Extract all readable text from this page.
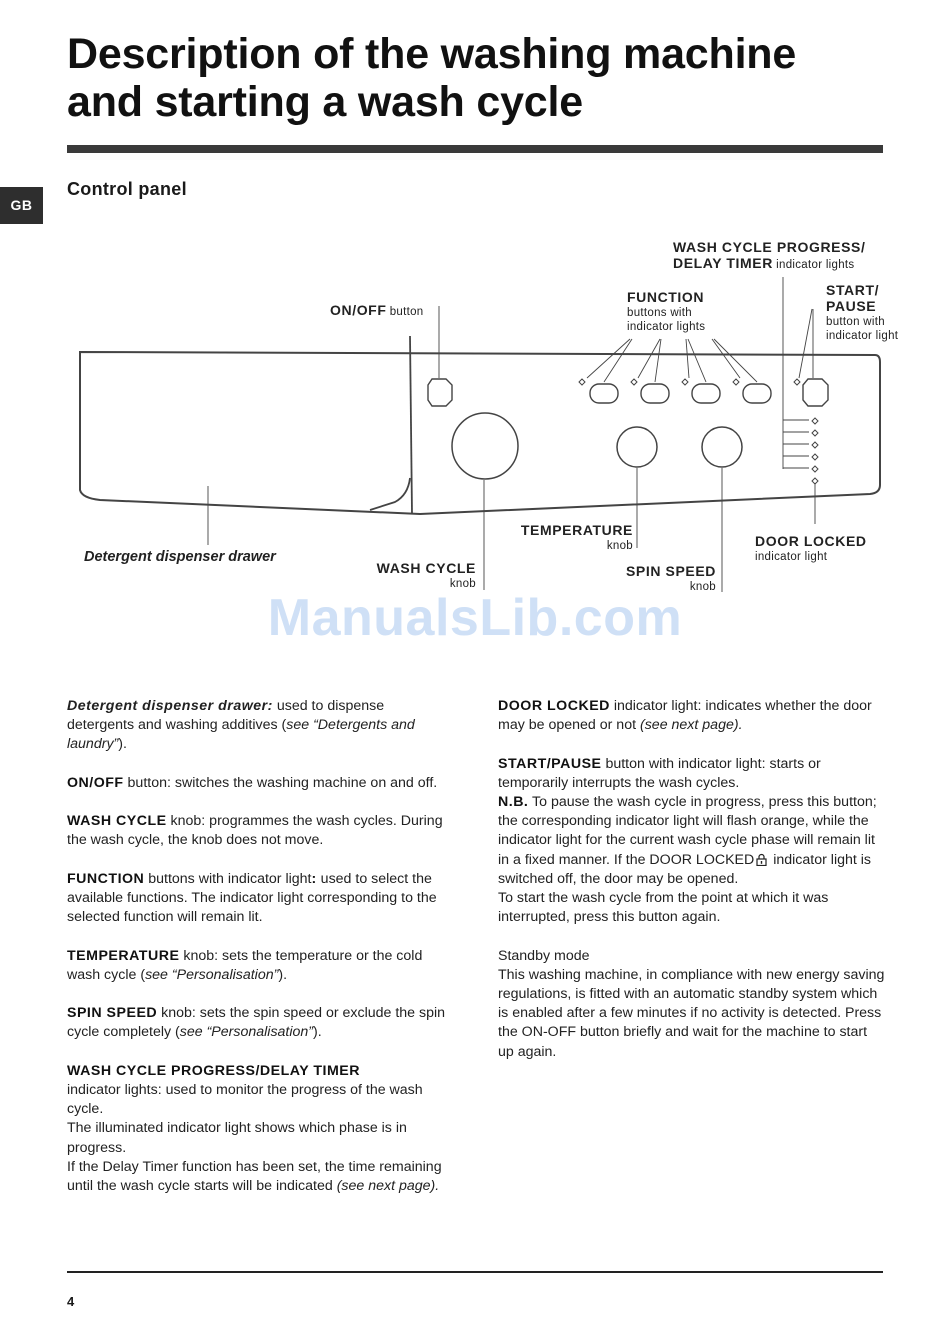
Description of the washing machine
and starting a wash cycle
GB
Control panel
WASH CYCLE PROGRESS/
DELAY TIMER indicator lights
ON/OFF button
FUNCTION
buttons with
indicator lights
START/
PAUSE
button with
indicator light
TEMPERATURE
knob	DOOR LOCKED
indicator light
Detergent dispenser drawer
WASH CYCLE
knob
SPIN SPEED
knob
ManualsLib.com

Detergent dispenser drawer: used to dispense detergents and washing additives (see “Detergents and laundry”).

ON/OFF button: switches the washing machine on and off.

WASH CYCLE knob: programmes the wash cycles. During the wash cycle, the knob does not move.

FUNCTION buttons with indicator light: used to select the available functions. The indicator light corresponding to the selected function will remain lit.

TEMPERATURE knob: sets the temperature or the cold wash cycle (see “Personalisation”).

SPIN SPEED knob: sets the spin speed or exclude the spin cycle completely (see “Personalisation”).

WASH CYCLE PROGRESS/DELAY TIMER
indicator lights: used to monitor the progress of the wash cycle.
The illuminated indicator light shows which phase is in progress.
If the Delay Timer function has been set, the time remaining until the wash cycle starts will be indicated (see next page).

DOOR LOCKED indicator light: indicates whether the door may be opened or not (see next page).

START/PAUSE button with indicator light: starts or temporarily interrupts the wash cycles.

N.B. To pause the wash cycle in progress, press this button; the corresponding indicator light will flash orange, while the indicator light for the current wash cycle phase will remain lit in a fixed manner. If the DOOR LOCKED indicator light is switched off, the door may be opened.

To start the wash cycle from the point at which it was interrupted, press this button again.

Standby mode
This washing machine, in compliance with new energy saving regulations, is fitted with an automatic standby system which is enabled after a few minutes if no activity is detected. Press the ON-OFF button briefly and wait for the machine to start up again.

4
